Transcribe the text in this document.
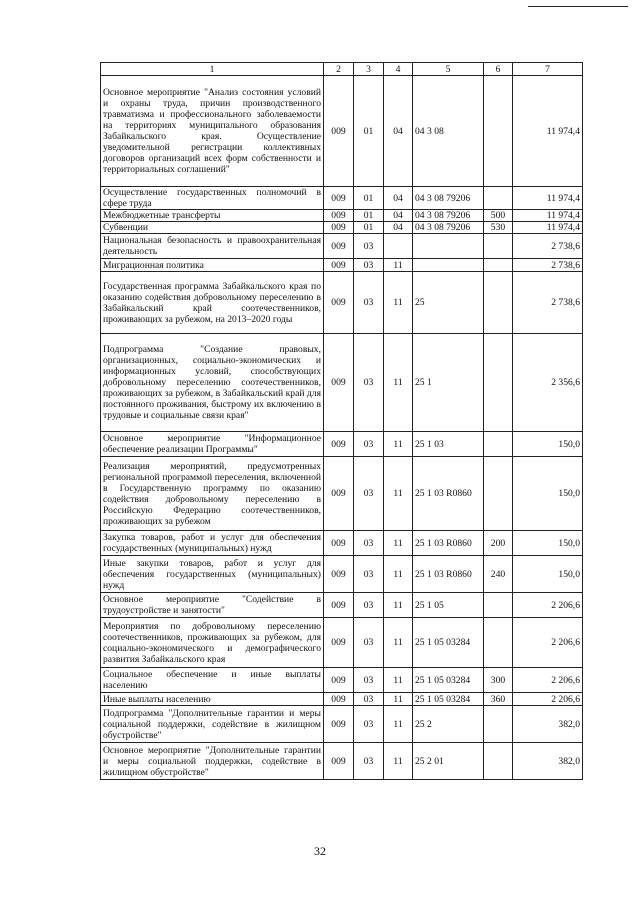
1	2	3	4	5	6	7
Основное мероприятие "Анализ состояния условий и охраны труда, причин производственного травматизма и профессионального заболеваемости на территориях муниципального образования Забайкальского края. Осуществление уведомительной регистрации коллективных договоров организаций всех форм собственности и территориальных соглашений"	009	01	04	04 3 08		11 974,4
Осуществление государственных полномочий в сфере труда	009	01	04	04 3 08 79206		11 974,4
Межбюджетные трансферты	009	01	04	04 3 08 79206	500	11 974,4
Субвенции	009	01	04	04 3 08 79206	530	11 974,4
Национальная безопасность и правоохранительная деятельность	009	03				2 738,6
Миграционная политика	009	03	11			2 738,6
Государственная программа Забайкальского края по оказанию содействия добровольному переселению в Забайкальский край соотечественников, проживающих за рубежом, на 2013–2020 годы	009	03	11	25		2 738,6
Подпрограмма "Создание правовых, организационных, социально-экономических и информационных условий, способствующих добровольному переселению соотечественников, проживающих за рубежом, в Забайкальский край для постоянного проживания, быстрому их включению в трудовые и социальные связи края"	009	03	11	25 1		2 356,6
Основное мероприятие "Информационное обеспечение реализации Программы"	009	03	11	25 1 03		150,0
Реализация мероприятий, предусмотренных региональной программой переселения, включенной в Государственную программу по оказанию содействия добровольному переселению в Российскую Федерацию соотечественников, проживающих за рубежом	009	03	11	25 1 03 R0860		150,0
Закупка товаров, работ и услуг для обеспечения государственных (муниципальных) нужд	009	03	11	25 1 03 R0860	200	150,0
Иные закупки товаров, работ и услуг для обеспечения государственных (муниципальных) нужд	009	03	11	25 1 03 R0860	240	150,0
Основное мероприятие "Содействие в трудоустройстве и занятости"	009	03	11	25 1 05		2 206,6
Мероприятия по добровольному переселению соотечественников, проживающих за рубежом, для социально-экономического и демографического развития Забайкальского края	009	03	11	25 1 05 03284		2 206,6
Социальное обеспечение и иные выплаты населению	009	03	11	25 1 05 03284	300	2 206,6
Иные выплаты населению	009	03	11	25 1 05 03284	360	2 206,6
Подпрограмма "Дополнительные гарантии и меры социальной поддержки, содействие в жилищном обустройстве"	009	03	11	25 2		382,0
Основное мероприятие "Дополнительные гарантии и меры социальной поддержки, содействие в жилищном обустройстве"	009	03	11	25 2 01		382,0
32
